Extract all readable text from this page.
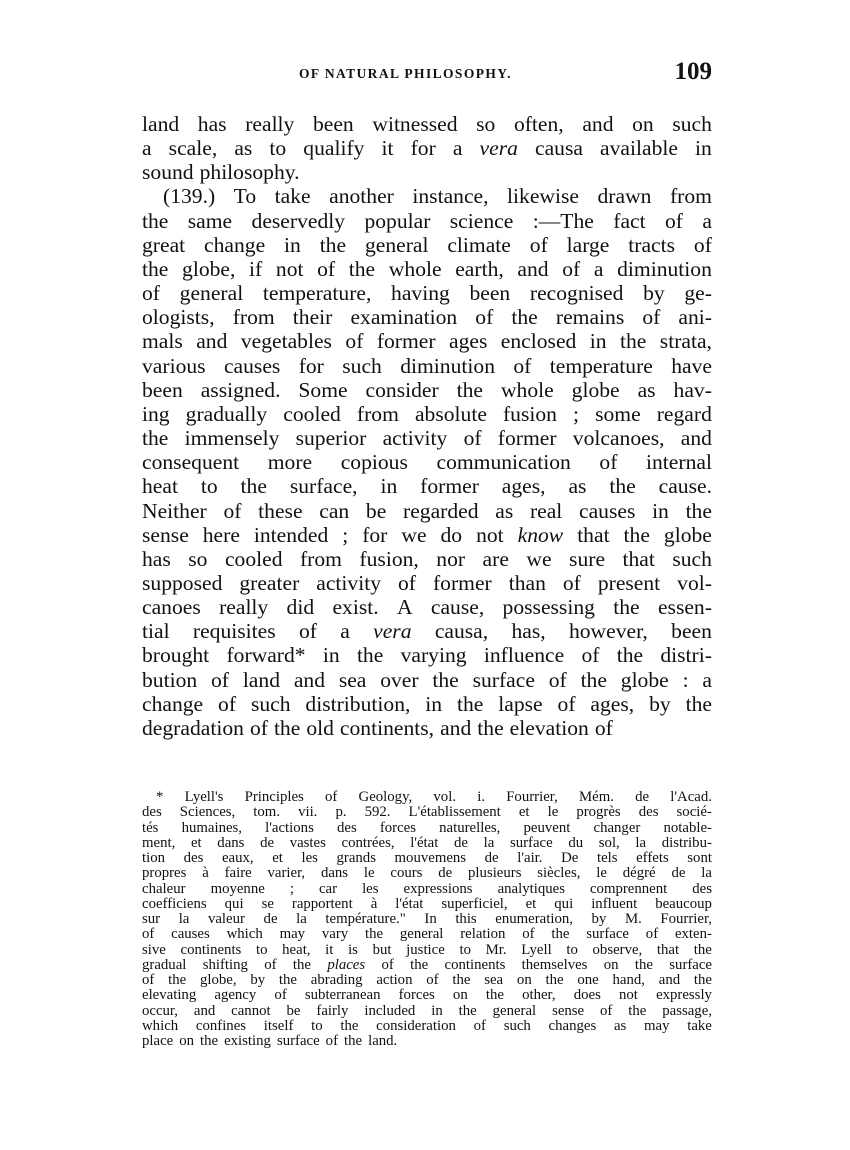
OF NATURAL PHILOSOPHY.	109
land has really been witnessed so often, and on such
a scale, as to qualify it for a vera causa available in
sound philosophy.
(139.) To take another instance, likewise drawn from
the same deservedly popular science :—The fact of a
great change in the general climate of large tracts of
the globe, if not of the whole earth, and of a diminution
of general temperature, having been recognised by ge-
ologists, from their examination of the remains of ani-
mals and vegetables of former ages enclosed in the strata,
various causes for such diminution of temperature have
been assigned. Some consider the whole globe as hav-
ing gradually cooled from absolute fusion ; some regard
the immensely superior activity of former volcanoes, and
consequent more copious communication of internal
heat to the surface, in former ages, as the cause.
Neither of these can be regarded as real causes in the
sense here intended ; for we do not know that the globe
has so cooled from fusion, nor are we sure that such
supposed greater activity of former than of present vol-
canoes really did exist. A cause, possessing the essen-
tial requisites of a vera causa, has, however, been
brought forward* in the varying influence of the distri-
bution of land and sea over the surface of the globe : a
change of such distribution, in the lapse of ages, by the
degradation of the old continents, and the elevation of
* Lyell's Principles of Geology, vol. i. Fourrier, Mém. de l'Acad.
des Sciences, tom. vii. p. 592. L'établissement et le progrès des socié-
tés humaines, l'actions des forces naturelles, peuvent changer notable-
ment, et dans de vastes contrées, l'état de la surface du sol, la distribu-
tion des eaux, et les grands mouvemens de l'air. De tels effets sont
propres à faire varier, dans le cours de plusieurs siècles, le dégré de la
chaleur moyenne ; car les expressions analytiques comprennent des
coefficiens qui se rapportent à l'état superficiel, et qui influent beaucoup
sur la valeur de la température." In this enumeration, by M. Fourrier,
of causes which may vary the general relation of the surface of exten-
sive continents to heat, it is but justice to Mr. Lyell to observe, that the
gradual shifting of the places of the continents themselves on the surface
of the globe, by the abrading action of the sea on the one hand, and the
elevating agency of subterranean forces on the other, does not expressly
occur, and cannot be fairly included in the general sense of the passage,
which confines itself to the consideration of such changes as may take
place on the existing surface of the land.
